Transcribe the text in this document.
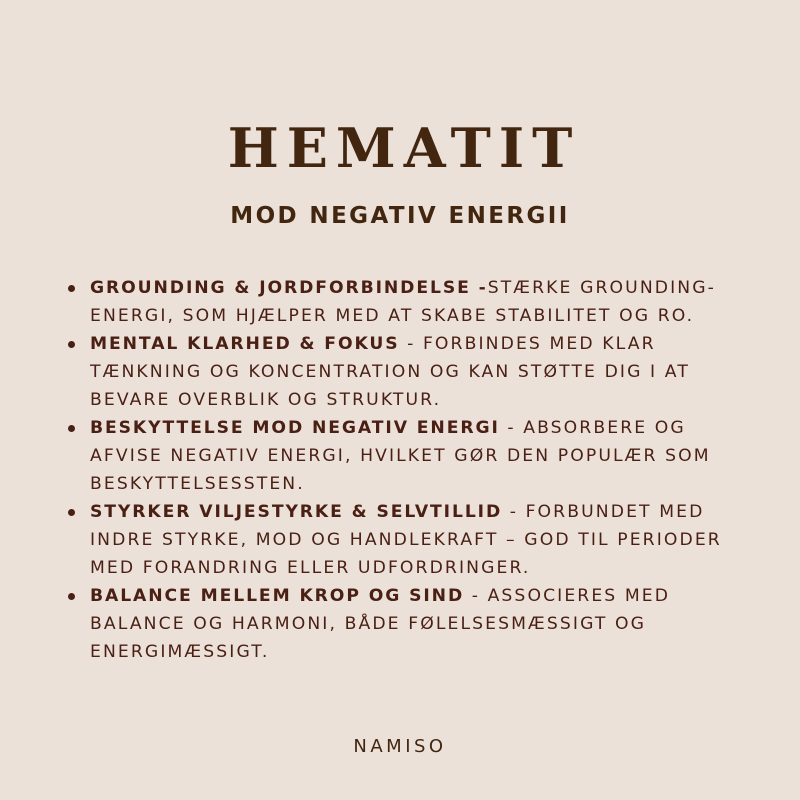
HEMATIT
MOD NEGATIV ENERGII
GROUNDING & JORDFORBINDELSE -STÆRKE GROUNDING-ENERGI, SOM HJÆLPER MED AT SKABE STABILITET OG RO.
MENTAL KLARHED & FOKUS - FORBINDES MED KLAR TÆNKNING OG KONCENTRATION OG KAN STØTTE DIG I AT BEVARE OVERBLIK OG STRUKTUR.
BESKYTTELSE MOD NEGATIV ENERGI - ABSORBERE OG AFVISE NEGATIV ENERGI, HVILKET GØR DEN POPULÆR SOM BESKYTTELSESSTEN.
STYRKER VILJESTYRKE & SELVTILLID - FORBUNDET MED INDRE STYRKE, MOD OG HANDLEKRAFT – GOD TIL PERIODER MED FORANDRING ELLER UDFORDRINGER.
BALANCE MELLEM KROP OG SIND - ASSOCIERES MED BALANCE OG HARMONI, BÅDE FØLELSESMÆSSIGT OG ENERGIMÆSSIGT.
NAMISO
